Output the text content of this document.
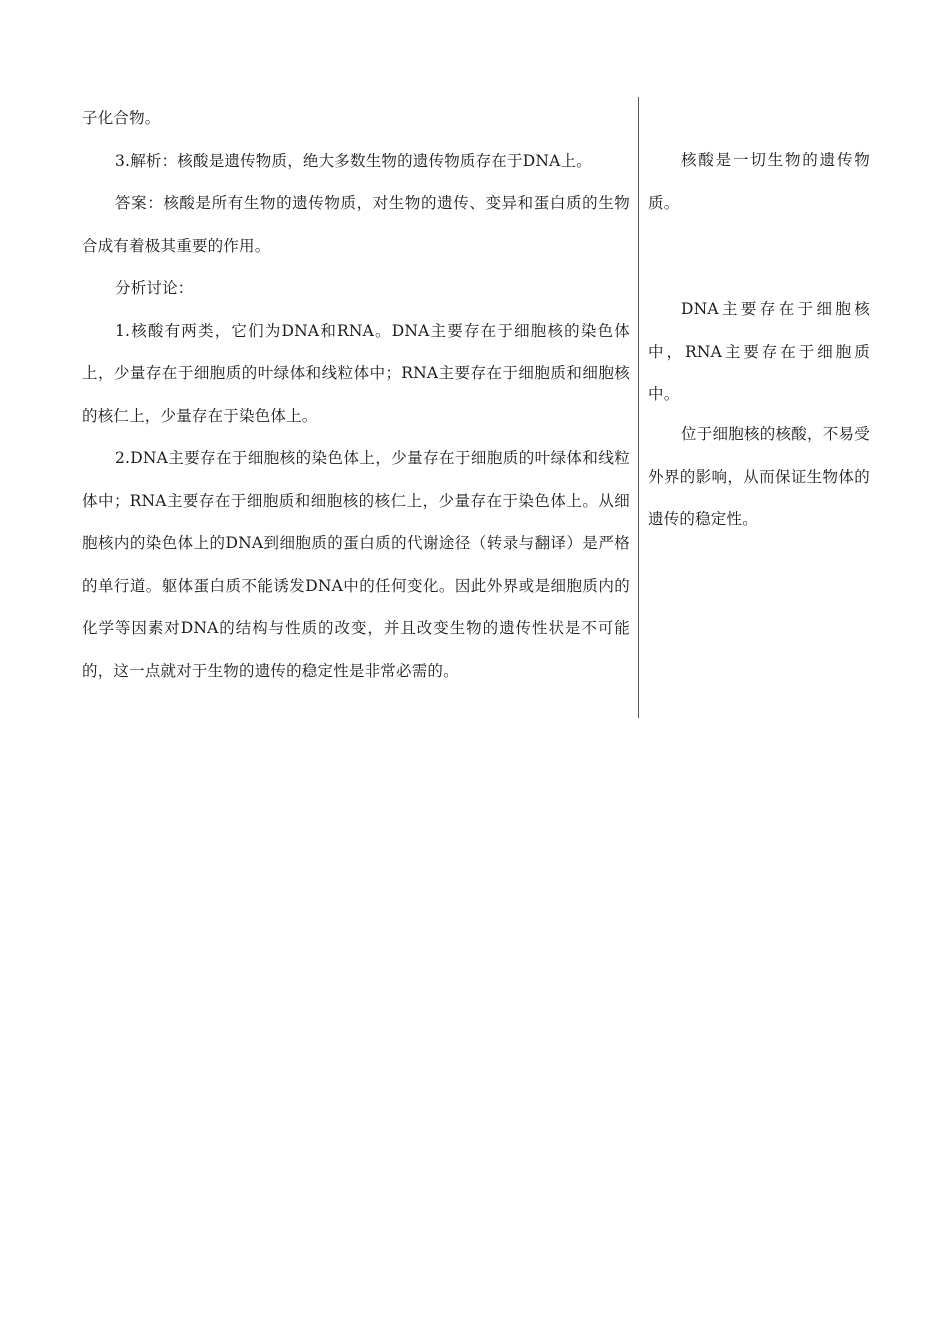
子化合物。

3.解析：核酸是遗传物质，绝大多数生物的遗传物质存在于DNA上。

答案：核酸是所有生物的遗传物质，对生物的遗传、变异和蛋白质的生物合成有着极其重要的作用。

分析讨论：

1.核酸有两类，它们为DNA和RNA。DNA主要存在于细胞核的染色体上，少量存在于细胞质的叶绿体和线粒体中；RNA主要存在于细胞质和细胞核的核仁上，少量存在于染色体上。

2.DNA主要存在于细胞核的染色体上，少量存在于细胞质的叶绿体和线粒体中；RNA主要存在于细胞质和细胞核的核仁上，少量存在于染色体上。从细胞核内的染色体上的DNA到细胞质的蛋白质的代谢途径（转录与翻译）是严格的单行道。躯体蛋白质不能诱发DNA中的任何变化。因此外界或是细胞质内的化学等因素对DNA的结构与性质的改变，并且改变生物的遗传性状是不可能的，这一点就对于生物的遗传的稳定性是非常必需的。

核酸是一切生物的遗传物质。

DNA主要存在于细胞核中，RNA主要存在于细胞质中。

位于细胞核的核酸，不易受外界的影响，从而保证生物体的遗传的稳定性。
